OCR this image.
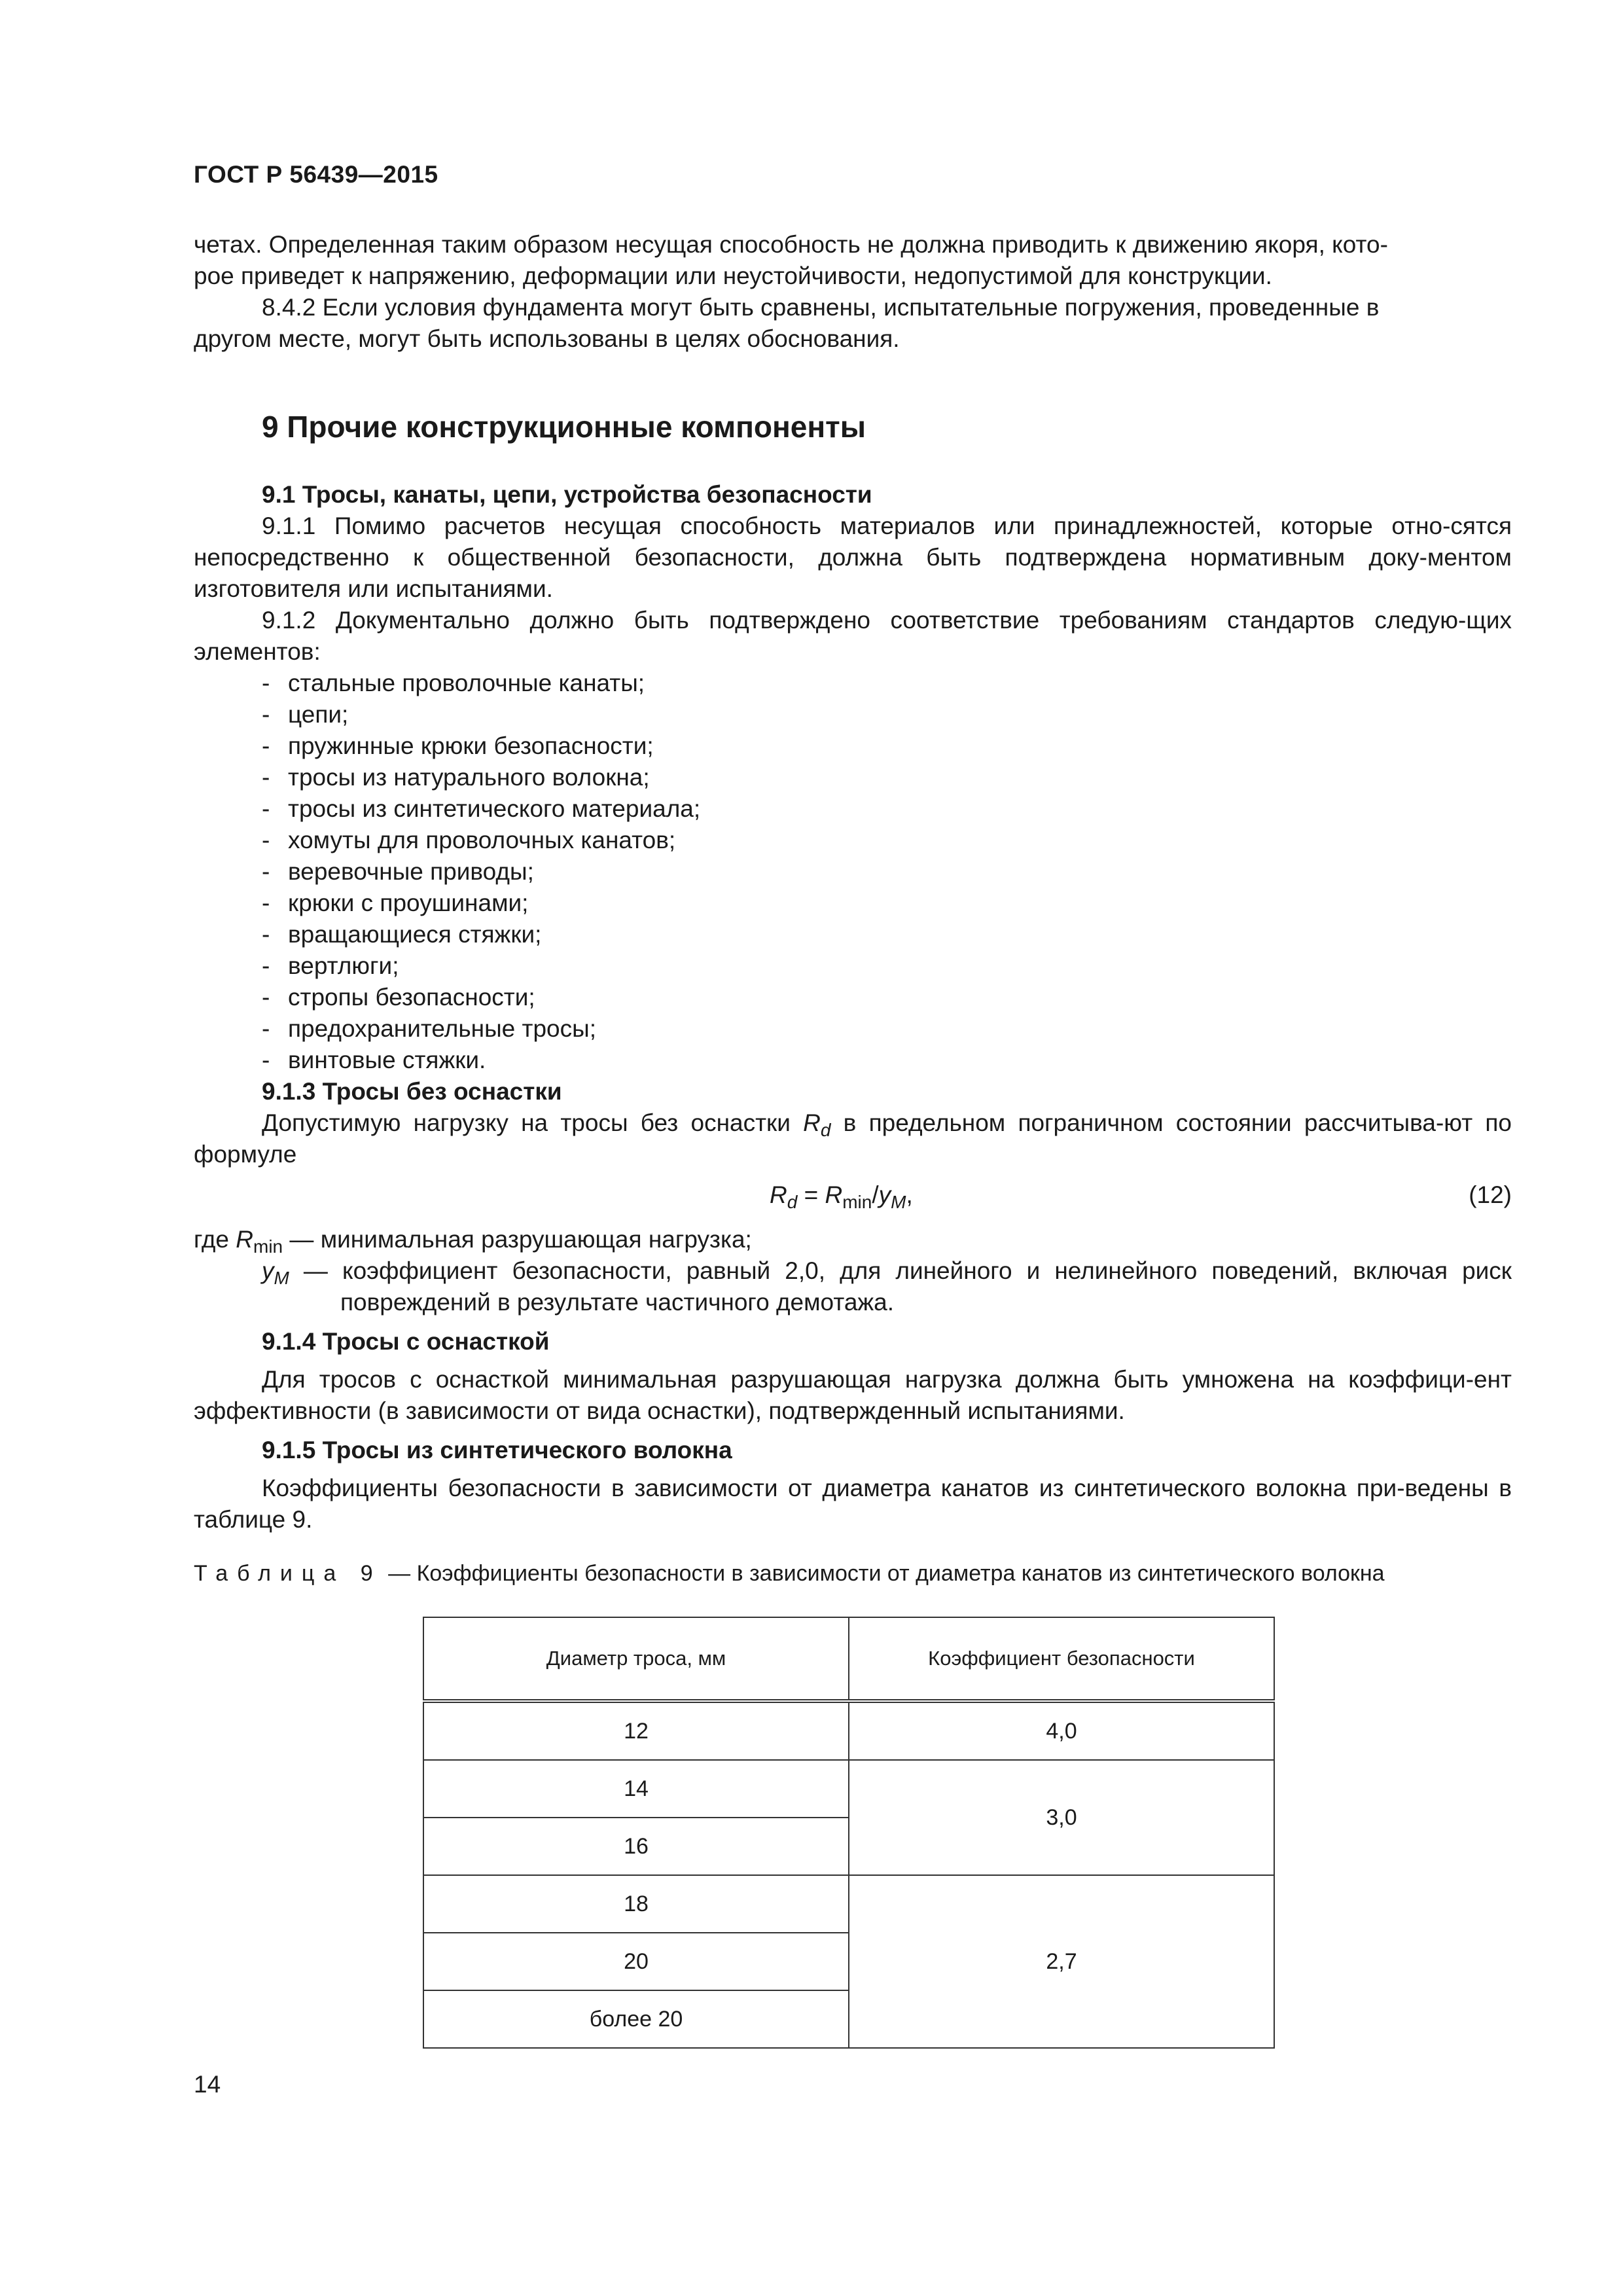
ГОСТ Р 56439—2015

четах. Определенная таким образом несущая способность не должна приводить к движению якоря, кото-
рое приведет к напряжению, деформации или неустойчивости, недопустимой для конструкции.

8.4.2 Если условия фундамента могут быть сравнены, испытательные погружения, проведенные в
другом месте, могут быть использованы в целях обоснования.

9 Прочие конструкционные компоненты
9.1 Тросы, канаты, цепи, устройства безопасности

9.1.1 Помимо расчетов несущая способность материалов или принадлежностей, которые отно-сятся непосредственно к общественной безопасности, должна быть подтверждена нормативным доку-ментом изготовителя или испытаниями.

9.1.2 Документально должно быть подтверждено соответствие требованиям стандартов следую-щих элементов:

- стальные проволочные канаты;
- цепи;
- пружинные крюки безопасности;
- тросы из натурального волокна;
- тросы из синтетического материала;
- хомуты для проволочных канатов;
- веревочные приводы;
- крюки с проушинами;
- вращающиеся стяжки;
- вертлюги;
- стропы безопасности;
- предохранительные тросы;
- винтовые стяжки.
9.1.3 Тросы без оснастки

Допустимую нагрузку на тросы без оснастки $R_d$ в предельном пограничном состоянии рассчитыва-ют по формуле

$R_d = R_{min}/y_M$,	(12)

где $R_{min}$ — минимальная разрушающая нагрузка;

$y_M$ — коэффициент безопасности, равный 2,0, для линейного и нелинейного поведений, включая риск повреждений в результате частичного демотажа.

9.1.4 Тросы с оснасткой

Для тросов с оснасткой минимальная разрушающая нагрузка должна быть умножена на коэффици-ент эффективности (в зависимости от вида оснастки), подтвержденный испытаниями.

9.1.5 Тросы из синтетического волокна

Коэффициенты безопасности в зависимости от диаметра канатов из синтетического волокна при-ведены в таблице 9.

Таблица 9 — Коэффициенты безопасности в зависимости от диаметра канатов из синтетического волокна

Диаметр троса, мм	Коэффициент безопасности
12	4,0
14	3,0
16	
18	2,7
20	
более 20	
14
